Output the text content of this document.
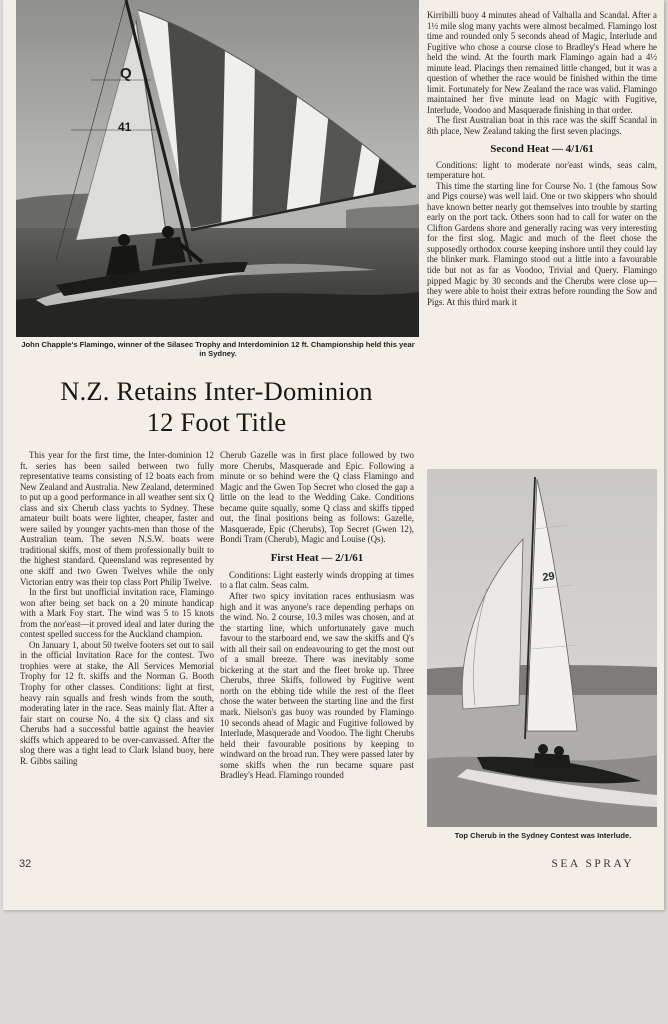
Q
41
John Chapple's Flamingo, winner of the Silasec Trophy and Interdominion 12 ft. Championship held this year in Sydney.
N.Z. Retains Inter-Dominion
12 Foot Title

This year for the first time, the Inter-dominion 12 ft. series has been sailed between two fully representative teams consisting of 12 boats each from New Zealand and Australia. New Zealand, determined to put up a good performance in all weather sent six Q class and six Cherub class yachts to Sydney. These amateur built boats were lighter, cheaper, faster and were sailed by younger yachts-men than those of the Australian team. The seven N.S.W. boats were traditional skiffs, most of them professionally built to the highest standard. Queensland was represented by one skiff and two Gwen Twelves while the only Victorian entry was their top class Port Philip Twelve.

In the first but unofficial invitation race, Flamingo won after being set back on a 20 minute handicap with a Mark Foy start. The wind was 5 to 15 knots from the nor'east—it proved ideal and later during the contest spelled success for the Auckland champion.

On January 1, about 50 twelve footers set out to sail in the official Invitation Race for the contest. Two trophies were at stake, the All Services Memorial Trophy for 12 ft. skiffs and the Norman G. Booth Trophy for other classes. Conditions: light at first, heavy rain squalls and fresh winds from the south, moderating later in the race. Seas mainly flat. After a fair start on course No. 4 the six Q class and six Cherubs had a successful battle against the heavier skiffs which appeared to be over-canvassed. After the slog there was a tight lead to Clark Island buoy, here R. Gibbs sailing

Cherub Gazelle was in first place followed by two more Cherubs, Masquerade and Epic. Following a minute or so behind were the Q class Flamingo and Magic and the Gwen Top Secret who closed the gap a little on the lead to the Wedding Cake. Conditions became quite squally, some Q class and skiffs tipped out, the final positions being as follows: Gazelle, Masquerade, Epic (Cherubs), Top Secret (Gwen 12), Bondi Tram (Cherub), Magic and Louise (Qs).

First Heat — 2/1/61

Conditions: Light easterly winds dropping at times to a flat calm. Seas calm.

After two spicy invitation races enthusiasm was high and it was anyone's race depending perhaps on the wind. No. 2 course, 10.3 miles was chosen, and at the starting line, which unfortunately gave much favour to the starboard end, we saw the skiffs and Q's with all their sail on endeavouring to get the most out of a small breeze. There was inevitably some bickering at the start and the fleet broke up. Three Cherubs, three Skiffs, followed by Fugitive went north on the ebbing tide while the rest of the fleet chose the water between the starting line and the first mark. Nielson's gas buoy was rounded by Flamingo 10 seconds ahead of Magic and Fugitive followed by Interlude, Masquerade and Voodoo. The light Cherubs held their favourable positions by keeping to windward on the broad run. They were passed later by some skiffs when the run became square past Bradley's Head. Flamingo rounded

Kirribilli buoy 4 minutes ahead of Valhalla and Scandal. After a 1½ mile slog many yachts were almost becalmed. Flamingo lost time and rounded only 5 seconds ahead of Magic, Interlude and Fugitive who chose a course close to Bradley's Head where he held the wind. At the fourth mark Flamingo again had a 4½ minute lead. Placings then remained little changed, but it was a question of whether the race would be finished within the time limit. Fortunately for New Zealand the race was valid. Flamingo maintained her five minute lead on Magic with Fugitive, Interlude, Voodoo and Masquerade finishing in that order.

The first Australian boat in this race was the skiff Scandal in 8th place, New Zealand taking the first seven placings.

Second Heat — 4/1/61

Conditions: light to moderate nor'east winds, seas calm, temperature hot.

This time the starting line for Course No. 1 (the famous Sow and Pigs course) was well laid. One or two skippers who should have known better nearly got themselves into trouble by starting early on the port tack. Others soon had to call for water on the Clifton Gardens shore and generally racing was very interesting for the first slog. Magic and much of the fleet chose the supposedly orthodox course keeping inshore until they could lay the blinker mark. Flamingo stood out a little into a favourable tide but not as far as Voodoo, Trivial and Query. Flamingo pipped Magic by 30 seconds and the Cherubs were close up—they were able to hoist their extras before rounding the Sow and Pigs. At this third mark it

29
Top Cherub in the Sydney Contest was Interlude.
32	SEA SPRAY
